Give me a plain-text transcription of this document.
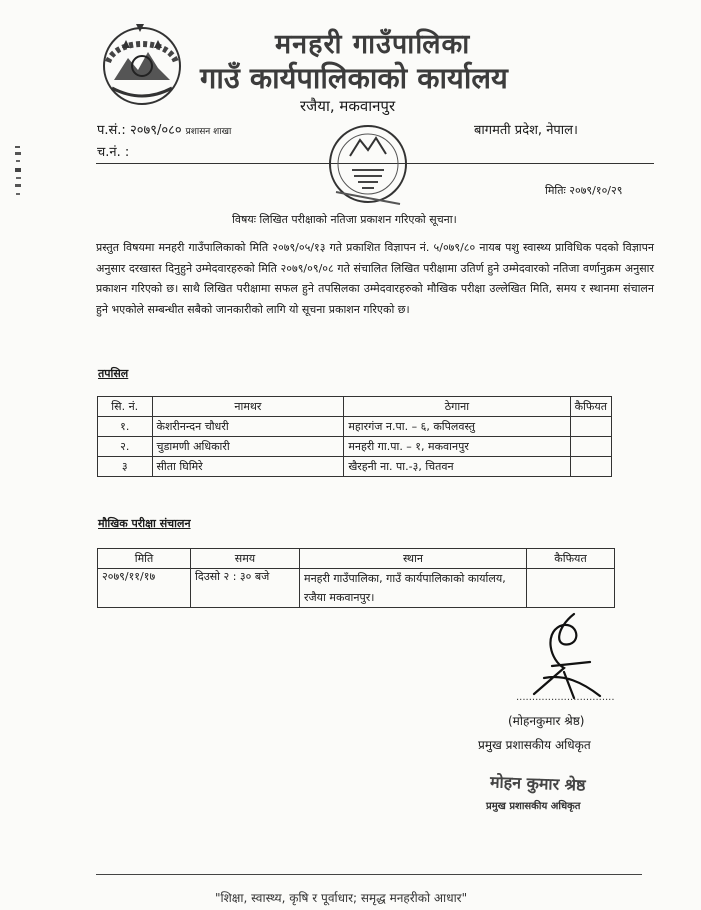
मनहरी गाउँपालिका
गाउँ कार्यपालिकाको कार्यालय
रजैया, मकवानपुर
प.सं.: २०७९/०८० प्रशासन शाखा
च.नं. :
बागमती प्रदेश, नेपाल।
मितिः २०७९/१०/२९
विषयः लिखित परीक्षाको नतिजा प्रकाशन गरिएको सूचना।

प्रस्तुत विषयमा मनहरी गाउँपालिकाको मिति २०७९/०५/१३ गते प्रकाशित विज्ञापन नं. ५/०७९/८० नायब पशु स्वास्थ्य प्राविधिक पदको विज्ञापन अनुसार दरखास्त दिनुहुने उम्मेदवारहरुको मिति २०७९/०९/०८ गते संचालित लिखित परीक्षामा उतिर्ण हुने उम्मेदवारको नतिजा वर्णानुक्रम अनुसार प्रकाशन गरिएको छ। साथै लिखित परीक्षामा सफल हुने तपसिलका उम्मेदवारहरुको मौखिक परीक्षा उल्लेखित मिति, समय र स्थानमा संचालन हुने भएकोले सम्बन्धीत सबैको जानकारीको लागि यो सूचना प्रकाशन गरिएको छ।

तपसिल
सि. नं.	नामथर	ठेगाना	कैफियत
१.	केशरीनन्दन चौधरी	महारगंज न.पा. – ६, कपिलवस्तु	
२.	चुडामणी अधिकारी	मनहरी गा.पा. – १, मकवानपुर	
३	सीता घिमिरे	खैरहनी ना. पा.-३, चितवन	
मौखिक परीक्षा संचालन
मिति	समय	स्थान	कैफियत
२०७९/११/१७	दिउसो २ : ३० बजे	मनहरी गाउँपालिका, गाउँ कार्यपालिकाको कार्यालय, रजैया मकवानपुर।	
...............................
(मोहनकुमार श्रेष्ठ)
प्रमुख प्रशासकीय अधिकृत
मोहन कुमार श्रेष्ठ
प्रमुख प्रशासकीय अधिकृत
"शिक्षा, स्वास्थ्य, कृषि र पूर्वाधार; समृद्ध मनहरीको आधार"
